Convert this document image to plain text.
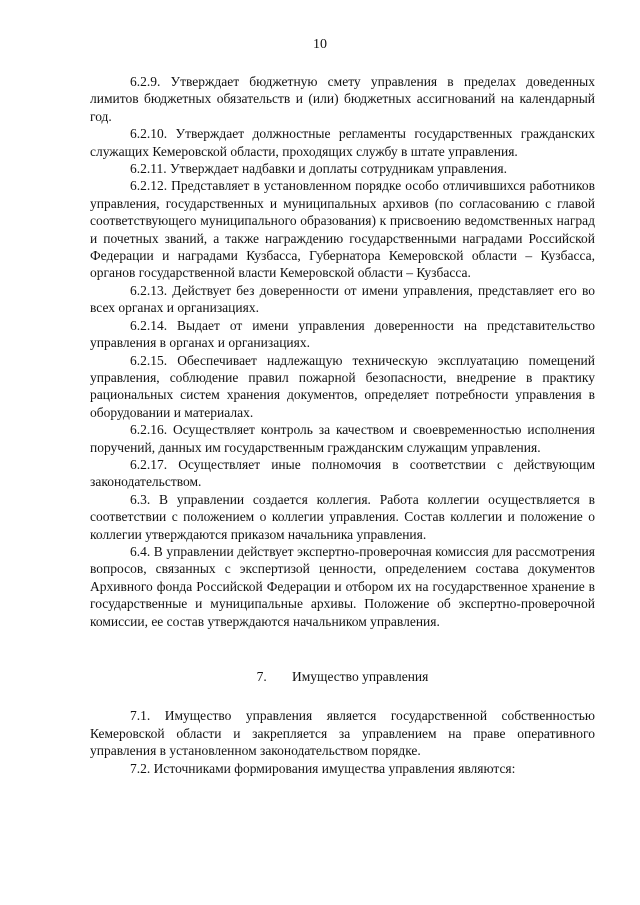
10

6.2.9. Утверждает бюджетную смету управления в пределах доведенных лимитов бюджетных обязательств и (или) бюджетных ассигнований на календарный год.

6.2.10. Утверждает должностные регламенты государственных гражданских служащих Кемеровской области, проходящих службу в штате управления.

6.2.11. Утверждает надбавки и доплаты сотрудникам управления.

6.2.12. Представляет в установленном порядке особо отличившихся работников управления, государственных и муниципальных архивов (по согласованию с главой соответствующего муниципального образования) к присвоению ведомственных наград и почетных званий, а также награждению государственными наградами Российской Федерации и наградами Кузбасса, Губернатора Кемеровской области – Кузбасса, органов государственной власти Кемеровской области – Кузбасса.

6.2.13. Действует без доверенности от имени управления, представляет его во всех органах и организациях.

6.2.14. Выдает от имени управления доверенности на представительство управления в органах и организациях.

6.2.15. Обеспечивает надлежащую техническую эксплуатацию помещений управления, соблюдение правил пожарной безопасности, внедрение в практику рациональных систем хранения документов, определяет потребности управления в оборудовании и материалах.

6.2.16. Осуществляет контроль за качеством и своевременностью исполнения поручений, данных им государственным гражданским служащим управления.

6.2.17. Осуществляет иные полномочия в соответствии с действующим законодательством.

6.3. В управлении создается коллегия. Работа коллегии осуществляется в соответствии с положением о коллегии управления. Состав коллегии и положение о коллегии утверждаются приказом начальника управления.

6.4. В управлении действует экспертно-проверочная комиссия для рассмотрения вопросов, связанных с экспертизой ценности, определением состава документов Архивного фонда Российской Федерации и отбором их на государственное хранение в государственные и муниципальные архивы. Положение об экспертно-проверочной комиссии, ее состав утверждаются начальником управления.

7. Имущество управления

7.1. Имущество управления является государственной собственностью Кемеровской области и закрепляется за управлением на праве оперативного управления в установленном законодательством порядке.

7.2. Источниками формирования имущества управления являются:
